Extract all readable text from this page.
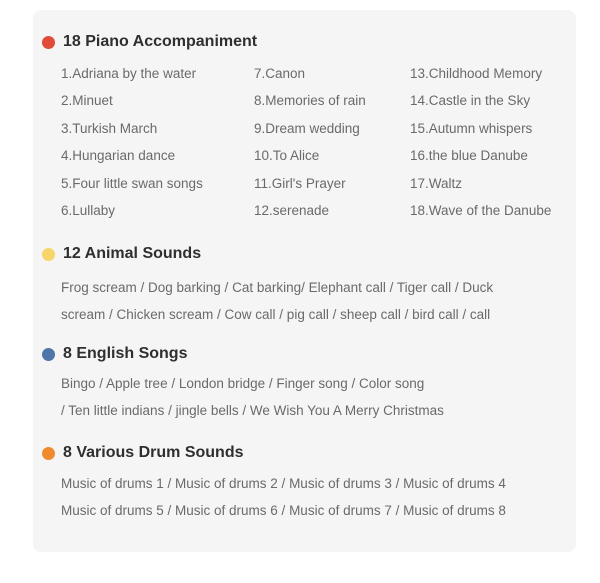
18 Piano Accompaniment
1.Adriana by the water
2.Minuet
3.Turkish March
4.Hungarian dance
5.Four little swan songs
6.Lullaby
7.Canon
8.Memories of rain
9.Dream wedding
10.To Alice
11.Girl's Prayer
12.serenade
13.Childhood Memory
14.Castle in the Sky
15.Autumn whispers
16.the blue Danube
17.Waltz
18.Wave of the Danube
12 Animal Sounds
Frog scream / Dog barking / Cat barking/ Elephant call / Tiger call / Duck
scream / Chicken scream / Cow call / pig call / sheep call / bird call / call
8 English Songs
Bingo / Apple tree / London bridge / Finger song / Color song
/ Ten little indians / jingle bells / We Wish You A Merry Christmas
8 Various Drum Sounds
Music of drums 1 / Music of drums 2 / Music of drums 3 / Music of drums 4
Music of drums 5 / Music of drums 6 / Music of drums 7 / Music of drums 8
